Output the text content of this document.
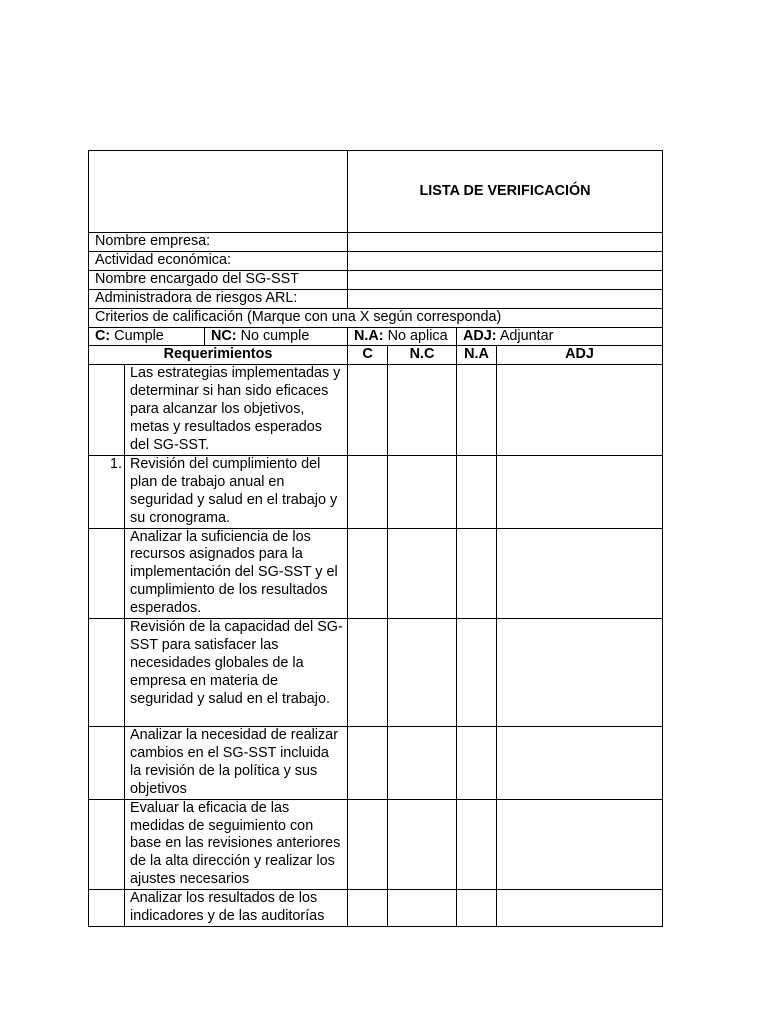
			LISTA DE VERIFICACIÓN			
Nombre empresa:						
Actividad económica:						
Nombre encargado del SG-SST						
Administradora de riesgos ARL:						
Criterios de calificación (Marque con una X según corresponda)						
C: Cumple		NC: No cumple	N.A: No aplica		ADJ: Adjuntar	
Requerimientos			C	N.C	N.A	ADJ
	Las estrategias implementadas y determinar si han sido eficaces para alcanzar los objetivos, metas y resultados esperados del SG-SST.					
1.	Revisión del cumplimiento del plan de trabajo anual en seguridad y salud en el trabajo y su cronograma.					
	Analizar la suficiencia de los recursos asignados para la implementación del SG-SST y el cumplimiento de los resultados esperados.					
	Revisión de la capacidad del SG-SST para satisfacer las necesidades globales de la empresa en materia de seguridad y salud en el trabajo.					
	Analizar la necesidad de realizar cambios en el SG-SST incluida la revisión de la política y sus objetivos					
	Evaluar la eficacia de las medidas de seguimiento con base en las revisiones anteriores de la alta dirección y realizar los ajustes necesarios					
	Analizar los resultados de los indicadores y de las auditorías					
